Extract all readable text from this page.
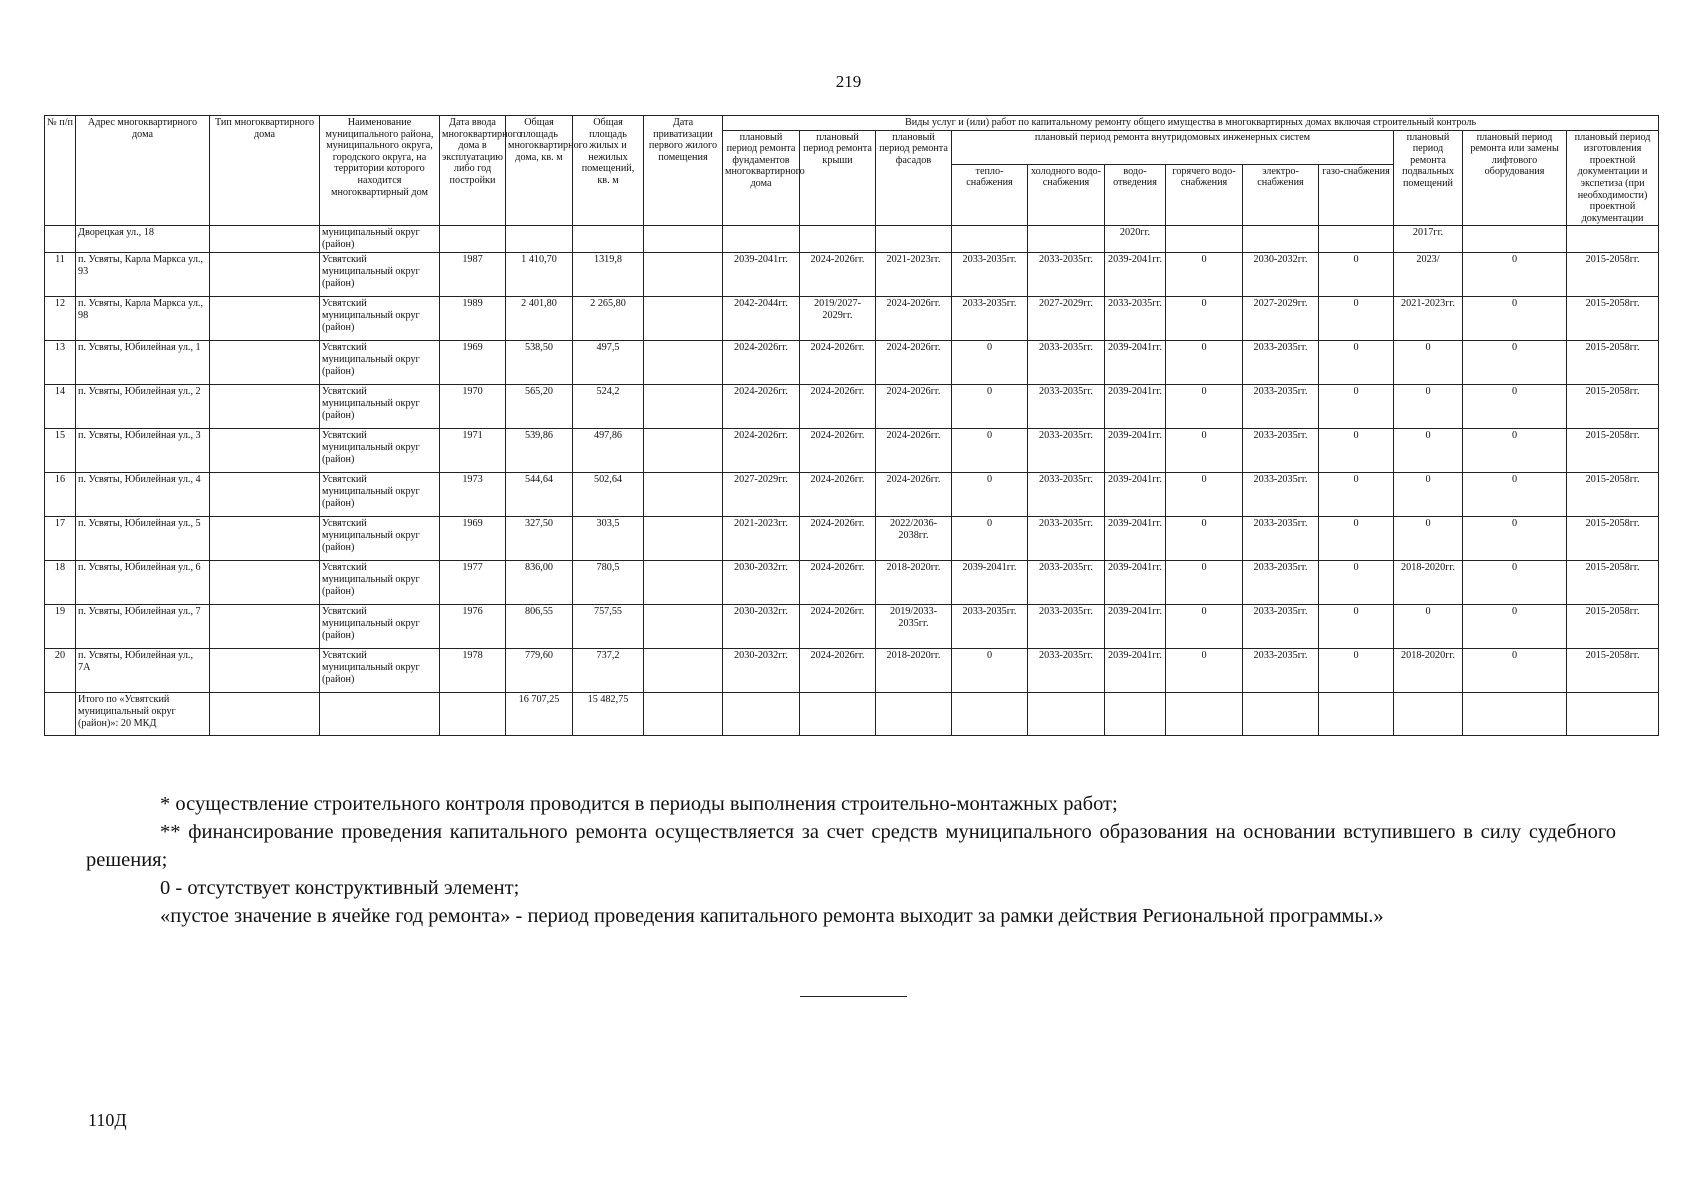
219
№ п/п	Адрес многоквартирного дома	Тип многоквартирного дома	Наименование муниципального района, муниципального округа, городского округа, на территории которого находится многоквартирный дом	Дата ввода многоквартирного дома в эксплуатацию либо год постройки	Общая площадь многоквартирного дома, кв. м	Общая площадь жилых и нежилых помещений, кв. м	Дата приватизации первого жилого помещения	Виды услуг и (или) работ по капитальному ремонту общего имущества в многоквартирных домах включая строительный контроль											
								плановый период ремонта фундаментов многоквартирного дома	плановый период ремонта крыши	плановый период ремонта фасадов	плановый период ремонта внутридомовых инженерных систем						плановый период ремонта подвальных помещений	плановый период ремонта или замены лифтового оборудования	плановый период изготовления проектной документации и экспетиза (при необходимости) проектной документации
											тепло-снабжения	холодного водо-снабжения	водо-отведения	горячего водо-снабжения	электро-снабжения	газо-снабжения			
	Дворецкая ул., 18		муниципальный округ (район)										2020гг.				2017гг.		
11	п. Усвяты, Карла Маркса ул., 93		Усвятский муниципальный округ (район)	1987	1 410,70	1319,8		2039-2041гг.	2024-2026гг.	2021-2023гг.	2033-2035гг.	2033-2035гг.	2039-2041гг.	0	2030-2032гг.	0	2023/	0	2015-2058гг.
12	п. Усвяты, Карла Маркса ул., 98		Усвятский муниципальный округ (район)	1989	2 401,80	2 265,80		2042-2044гг.	2019/2027-2029гг.	2024-2026гг.	2033-2035гг.	2027-2029гг.	2033-2035гг.	0	2027-2029гг.	0	2021-2023гг.	0	2015-2058гг.
13	п. Усвяты, Юбилейная ул., 1		Усвятский муниципальный округ (район)	1969	538,50	497,5		2024-2026гг.	2024-2026гг.	2024-2026гг.	0	2033-2035гг.	2039-2041гг.	0	2033-2035гг.	0	0	0	2015-2058гг.
14	п. Усвяты, Юбилейная ул., 2		Усвятский муниципальный округ (район)	1970	565,20	524,2		2024-2026гг.	2024-2026гг.	2024-2026гг.	0	2033-2035гг.	2039-2041гг.	0	2033-2035гг.	0	0	0	2015-2058гг.
15	п. Усвяты, Юбилейная ул., 3		Усвятский муниципальный округ (район)	1971	539,86	497,86		2024-2026гг.	2024-2026гг.	2024-2026гг.	0	2033-2035гг.	2039-2041гг.	0	2033-2035гг.	0	0	0	2015-2058гг.
16	п. Усвяты, Юбилейная ул., 4		Усвятский муниципальный округ (район)	1973	544,64	502,64		2027-2029гг.	2024-2026гг.	2024-2026гг.	0	2033-2035гг.	2039-2041гг.	0	2033-2035гг.	0	0	0	2015-2058гг.
17	п. Усвяты, Юбилейная ул., 5		Усвятский муниципальный округ (район)	1969	327,50	303,5		2021-2023гг.	2024-2026гг.	2022/2036-2038гг.	0	2033-2035гг.	2039-2041гг.	0	2033-2035гг.	0	0	0	2015-2058гг.
18	п. Усвяты, Юбилейная ул., 6		Усвятский муниципальный округ (район)	1977	836,00	780,5		2030-2032гг.	2024-2026гг.	2018-2020гг.	2039-2041гг.	2033-2035гг.	2039-2041гг.	0	2033-2035гг.	0	2018-2020гг.	0	2015-2058гг.
19	п. Усвяты, Юбилейная ул., 7		Усвятский муниципальный округ (район)	1976	806,55	757,55		2030-2032гг.	2024-2026гг.	2019/2033-2035гг.	2033-2035гг.	2033-2035гг.	2039-2041гг.	0	2033-2035гг.	0	0	0	2015-2058гг.
20	п. Усвяты, Юбилейная ул., 7А		Усвятский муниципальный округ (район)	1978	779,60	737,2		2030-2032гг.	2024-2026гг.	2018-2020гг.	0	2033-2035гг.	2039-2041гг.	0	2033-2035гг.	0	2018-2020гг.	0	2015-2058гг.
	Итого по «Усвятский муниципальный округ (район)»: 20 МКД				16 707,25	15 482,75													

* осуществление строительного контроля проводится в периоды выполнения строительно-монтажных работ;

** финансирование проведения капитального ремонта осуществляется за счет средств муниципального образования на основании вступившего в силу судебного решения;

0 - отсутствует конструктивный элемент;

«пустое значение в ячейке год ремонта» - период проведения капитального ремонта выходит за рамки действия Региональной программы.»

110Д
